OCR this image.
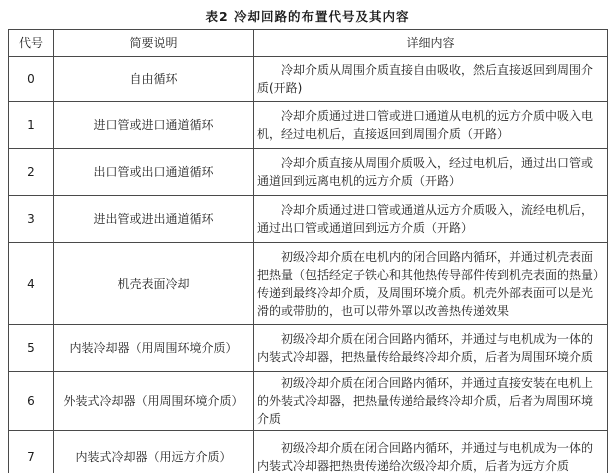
表2 冷却回路的布置代号及其内容
代号	简要说明	详细内容
0	自由循环	冷却介质从周围介质直接自由吸收，然后直接返回到周围介质(开路)
1	进口管或进口通道循环	冷却介质通过进口管或进口通道从电机的远方介质中吸入电机，经过电机后，直接返回到周围介质（开路）
2	出口管或出口通道循环	冷却介质直接从周围介质吸入，经过电机后，通过出口管或通道回到远离电机的远方介质（开路）
3	进出管或进出通道循环	冷却介质通过进口管或通道从远方介质吸入，流经电机后，通过出口管或通道回到远方介质（开路）
4	机壳表面冷却	初级冷却介质在电机内的闭合回路内循环，并通过机壳表面把热量（包括经定子铁心和其他热传导部件传到机壳表面的热量）传递到最终冷却介质，及周围环境介质。机壳外部表面可以是光滑的或带肋的，也可以带外罩以改善热传递效果
5	内装冷却器（用周围环境介质）	初级冷却介质在闭合回路内循环，并通过与电机成为一体的内装式冷却器，把热量传给最终冷却介质，后者为周围环境介质
6	外装式冷却器（用周围环境介质）	初级冷却介质在闭合回路内循环，并通过直接安装在电机上的外装式冷却器，把热量传递给最终冷却介质，后者为周围环境介质
7	内装式冷却器（用远方介质）	初级冷却介质在闭合回路内循环，并通过与电机成为一体的内装式冷却器把热贵传递给次级冷却介质，后者为远方介质
